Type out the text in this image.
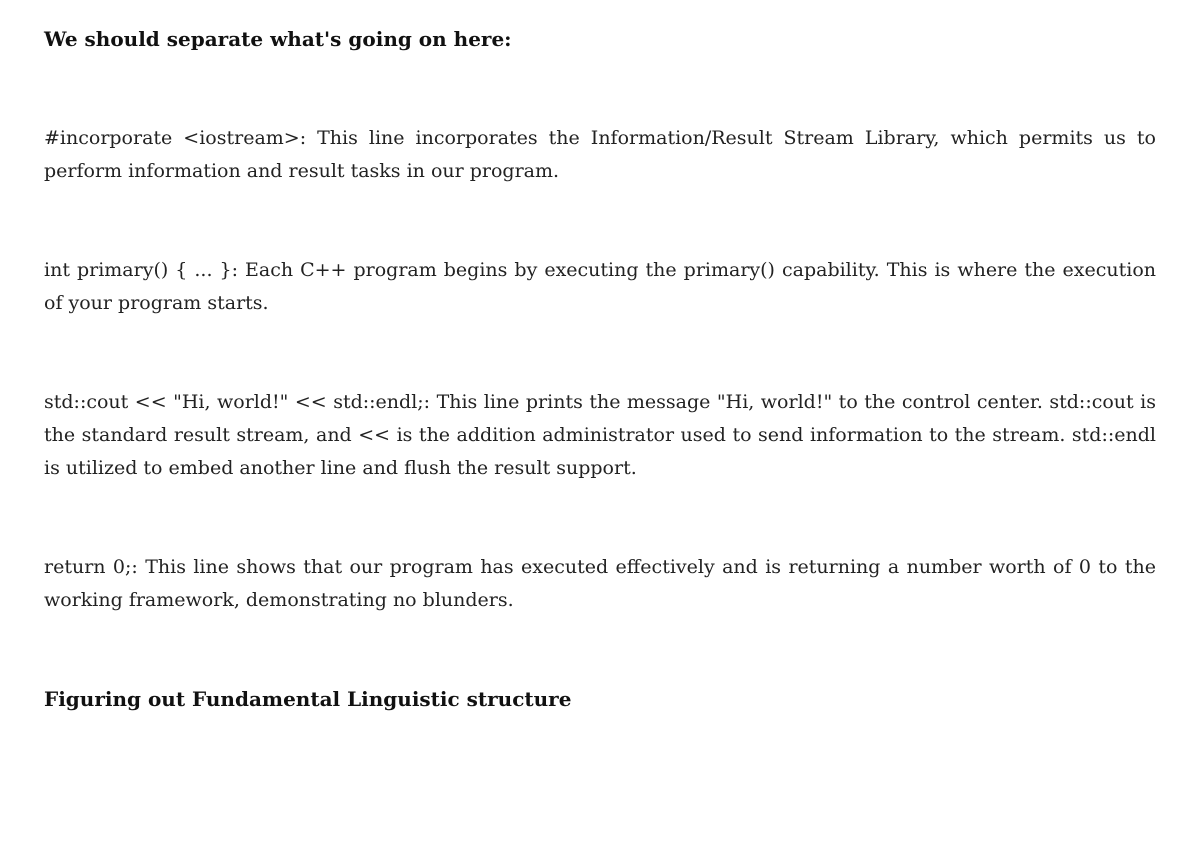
We should separate what's going on here:

#incorporate <iostream>: This line incorporates the Information/Result Stream Library, which permits us to perform information and result tasks in our program.

int primary() { ... }: Each C++ program begins by executing the primary() capability. This is where the execution of your program starts.

std::cout << "Hi, world!" << std::endl;: This line prints the message "Hi, world!" to the control center. std::cout is the standard result stream, and << is the addition administrator used to send information to the stream. std::endl is utilized to embed another line and flush the result support.

return 0;: This line shows that our program has executed effectively and is returning a number worth of 0 to the working framework, demonstrating no blunders.

Figuring out Fundamental Linguistic structure
